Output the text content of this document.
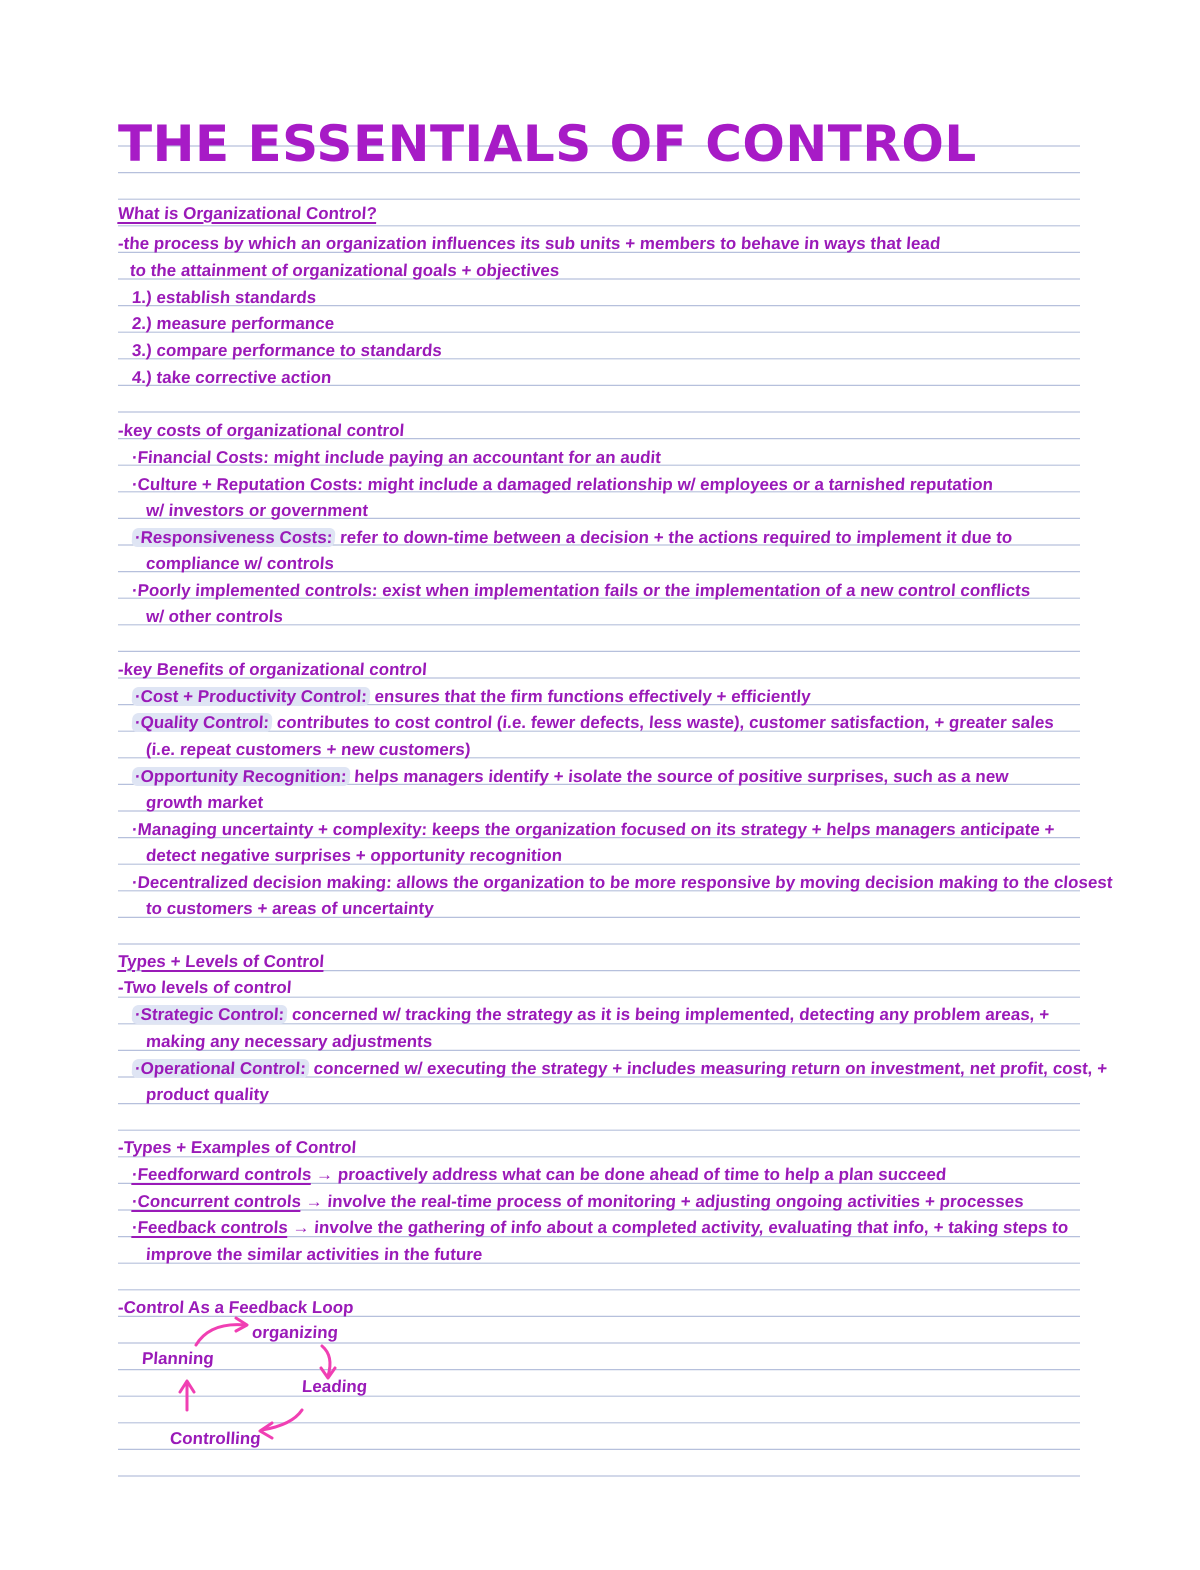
THE ESSENTIALS OF CONTROL
What is Organizational Control?
-the process by which an organization influences its sub units + members to behave in ways that lead
to the attainment of organizational goals + objectives
1.) establish standards
2.) measure performance
3.) compare performance to standards
4.) take corrective action
-key costs of organizational control
·Financial Costs: might include paying an accountant for an audit
·Culture + Reputation Costs: might include a damaged relationship w/ employees or a tarnished reputation
w/ investors or government
·Responsiveness Costs: refer to down-time between a decision + the actions required to implement it due to
compliance w/ controls
·Poorly implemented controls: exist when implementation fails or the implementation of a new control conflicts
w/ other controls
-key Benefits of organizational control
·Cost + Productivity Control: ensures that the firm functions effectively + efficiently
·Quality Control: contributes to cost control (i.e. fewer defects, less waste), customer satisfaction, + greater sales
(i.e. repeat customers + new customers)
·Opportunity Recognition: helps managers identify + isolate the source of positive surprises, such as a new
growth market
·Managing uncertainty + complexity: keeps the organization focused on its strategy + helps managers anticipate +
detect negative surprises + opportunity recognition
·Decentralized decision making: allows the organization to be more responsive by moving decision making to the closest
to customers + areas of uncertainty
Types + Levels of Control
-Two levels of control
·Strategic Control: concerned w/ tracking the strategy as it is being implemented, detecting any problem areas, +
making any necessary adjustments
·Operational Control: concerned w/ executing the strategy + includes measuring return on investment, net profit, cost, +
product quality
-Types + Examples of Control
·Feedforward controls → proactively address what can be done ahead of time to help a plan succeed
·Concurrent controls → involve the real-time process of monitoring + adjusting ongoing activities + processes
·Feedback controls → involve the gathering of info about a completed activity, evaluating that info, + taking steps to
improve the similar activities in the future
-Control As a Feedback Loop
organizing
Planning
Leading
Controlling
